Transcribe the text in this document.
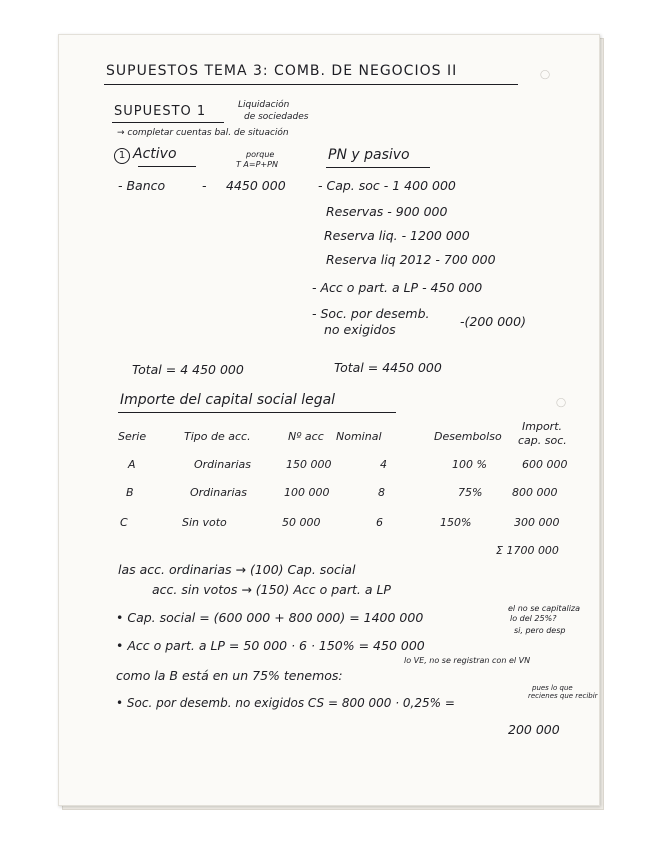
◯
◯
SUPUESTOS TEMA 3: COMB. DE NEGOCIOS II
SUPUESTO 1	Liquidación
de sociedades
→ completar cuentas bal. de situación
1 Activo	porque
T A=P+PN
PN y pasivo
- Banco	- 4450 000	- Cap. soc - 1 400 000
Reservas - 900 000
Reserva liq. - 1200 000
Reserva liq 2012 - 700 000
- Acc o part. a LP - 450 000
- Soc. por desemb.
no exigidos
-(200 000)
Total = 4 450 000	Total = 4450 000
Importe del capital social legal
Serie	Tipo de acc.	Nº acc Nominal	Desembolso
Import.
cap. soc.
A	Ordinarias	150 000	4	100 %	600 000
B	Ordinarias	100 000	8	75%	800 000
C	Sin voto	50 000	6	150%	300 000
Σ 1700 000
las acc. ordinarias → (100) Cap. social
acc. sin votos → (150) Acc o part. a LP
• Cap. social = (600 000 + 800 000) = 1400 000
el no se capitaliza
lo del 25%?
si, pero desp
• Acc o part. a LP = 50 000 · 6 · 150% = 450 000
lo VE, no se registran con el VN
como la B está en un 75% tenemos:
• Soc. por desemb. no exigidos CS = 800 000 · 0,25% =
pues lo que
recienes que recibir
200 000
